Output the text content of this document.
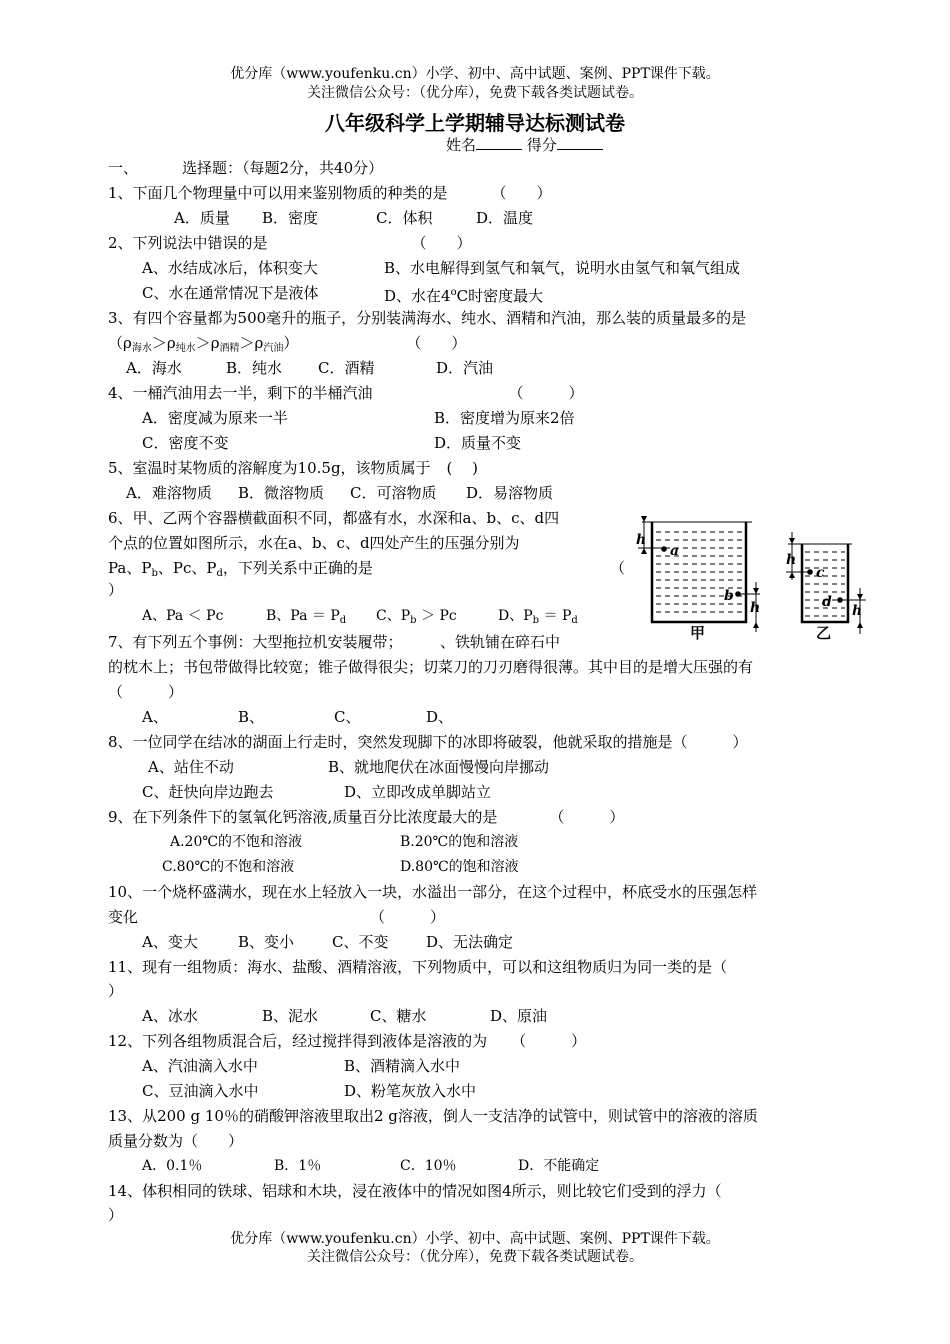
优分库（www.youfenku.cn）小学、初中、高中试题、案例、PPT课件下载。
关注微信公众号：（优分库），免费下载各类试题试卷。
八年级科学上学期辅导达标测试卷
姓名	得分
一、	选择题：（每题2分，共40分）
1、下面几个物理量中可以用来鉴别物质的种类的是	（　　）
A．质量 B．密度	C．体积	D．温度
2、下列说法中错误的是	（　　）
A、水结成冰后，体积变大	B、水电解得到氢气和氧气，说明水由氢气和氧气组成
C、水在通常情况下是液体	D、水在4$^o$C时密度最大
3、有四个容量都为500毫升的瓶子，分别装满海水、纯水、酒精和汽油，那么装的质量最多的是
$(\rho_{海水}>\rho_{纯水}>\rho_{酒精}>\rho_{汽油})$	（　　）
A．海水	B．纯水 C．酒精	D．汽油
4、一桶汽油用去一半，剩下的半桶汽油	（　　　）
A．密度减为原来一半	B．密度增为原来2倍
C．密度不变	D．质量不变
5、室温时某物质的溶解度为10.5g，该物质属于 (　 )
A．难溶物质 B．微溶物质 C．可溶物质 D．易溶物质
6、甲、乙两个容器横截面积不同，都盛有水，水深和a、b、c、d四
个点的位置如图所示，水在a、b、c、d四处产生的压强分别为
Pa、$P_b$、Pc、$P_d$，下列关系中正确的是	（
）
A、Pa ＜ Pc	B、$Pa = P_d$ C、$P_b > Pc$	D、$P_b = P_d$
h
a
b
h
甲
h
c
d
h
乙
7、有下列五个事例：大型拖拉机安装履带；　　　、铁轨铺在碎石中
的枕木上；书包带做得比较宽；锥子做得很尖；切菜刀的刀刃磨得很薄。其中目的是增大压强的有
（　　　）
A、	B、	C、	D、
8、一位同学在结冰的湖面上行走时，突然发现脚下的冰即将破裂，他就采取的措施是（　　　）
A、站住不动	B、就地爬伏在冰面慢慢向岸挪动
C、赶快向岸边跑去	D、立即改成单脚站立
9、在下列条件下的氢氧化钙溶液,质量百分比浓度最大的是	（　　　）
A.20℃的不饱和溶液	B.20℃的饱和溶液
C.80℃的不饱和溶液	D.80℃的饱和溶液
10、一个烧杯盛满水，现在水上轻放入一块，水溢出一部分，在这个过程中，杯底受水的压强怎样
变化	（　　　）
A、变大	B、变小	C、不变	D、无法确定
11、现有一组物质：海水、盐酸、酒精溶液，下列物质中，可以和这组物质归为同一类的是（
）
A、冰水	B、泥水	C、糖水	D、原油
12、下列各组物质混合后，经过搅拌得到液体是溶液的为 （　　　）
A、汽油滴入水中	B、酒精滴入水中
C、豆油滴入水中	D、粉笔灰放入水中
13、从200 g 10％的硝酸钾溶液里取出2 g溶液，倒人一支洁净的试管中，则试管中的溶液的溶质
质量分数为（　　）
A．0.1％	B．1％	C．10％	D．不能确定
14、体积相同的铁球、铝球和木块，浸在液体中的情况如图4所示，则比较它们受到的浮力（
）
优分库（www.youfenku.cn）小学、初中、高中试题、案例、PPT课件下载。
关注微信公众号：（优分库），免费下载各类试题试卷。
